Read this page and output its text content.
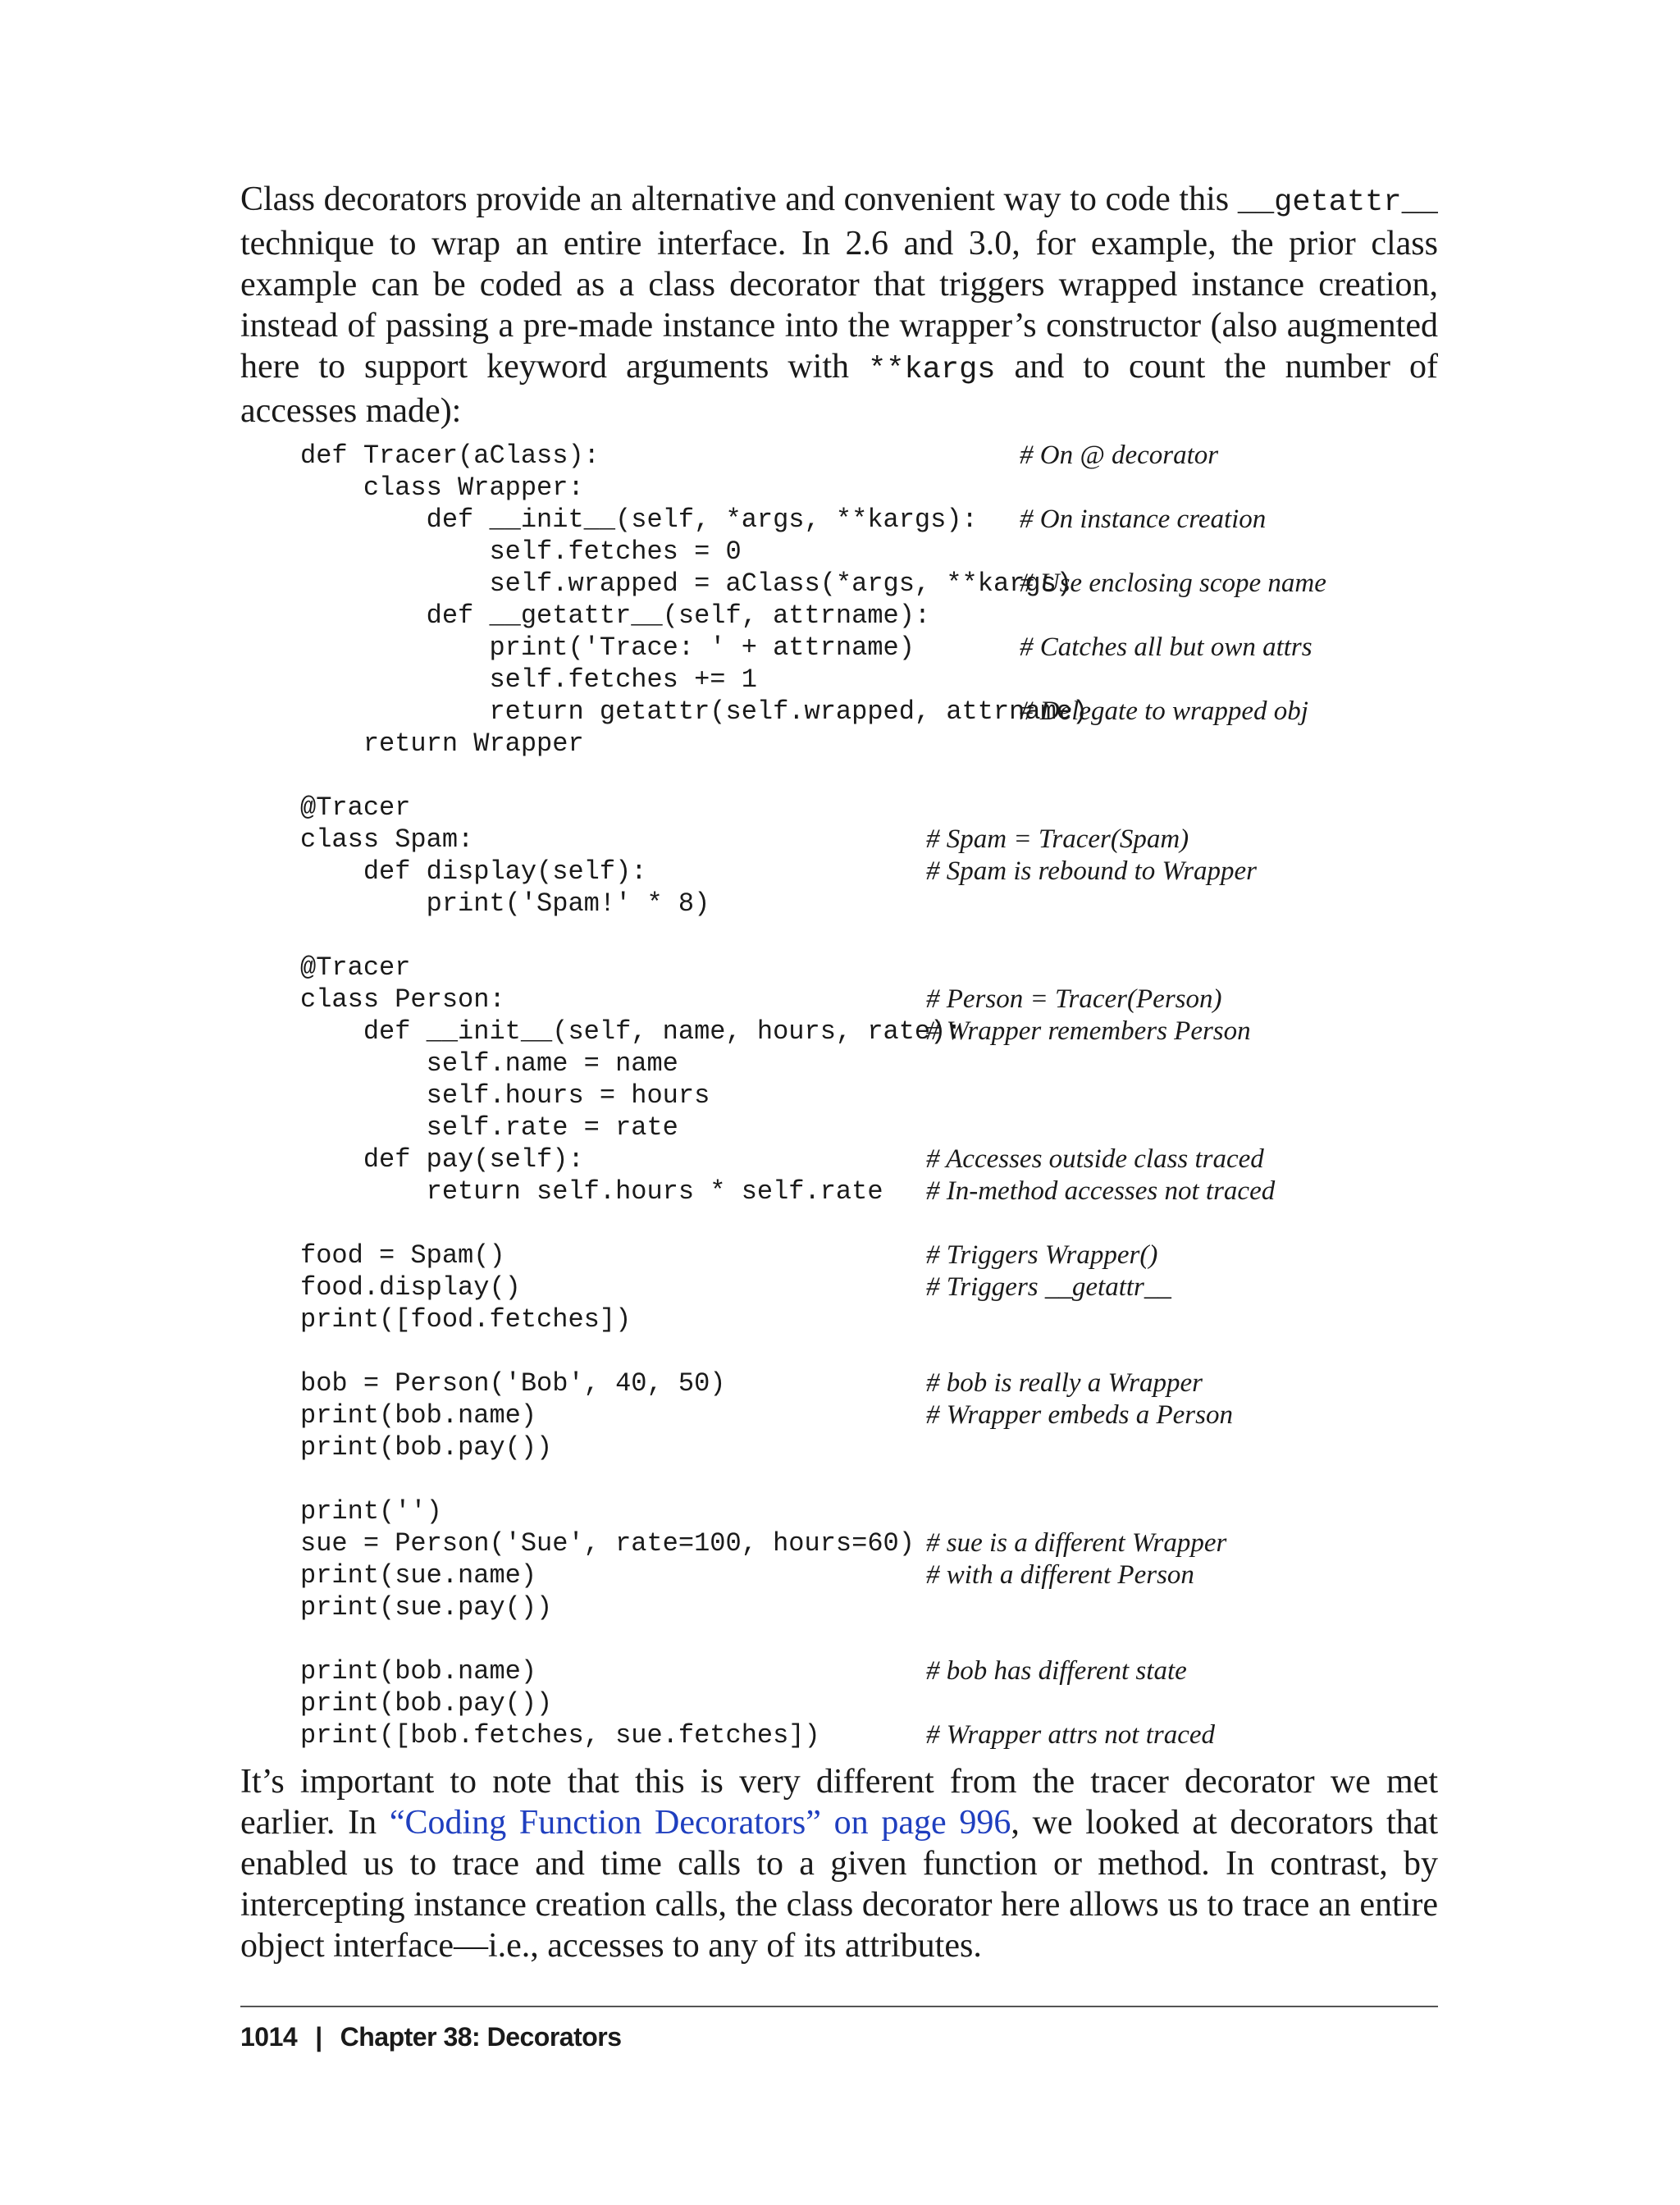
Class decorators provide an alternative and convenient way to code this __getattr__ technique to wrap an entire interface. In 2.6 and 3.0, for example, the prior class example can be coded as a class decorator that triggers wrapped instance creation, instead of passing a pre-made instance into the wrapper’s constructor (also augmented here to support keyword arguments with **kargs and to count the number of accesses made):

def Tracer(aClass):	# On @ decorator
class Wrapper:
def __init__(self, *args, **kargs): # On instance creation
self.fetches = 0
self.wrapped = aClass(*args, **kargs)
# Use enclosing scope name
def __getattr__(self, attrname):
print('Trace: ' + attrname)	# Catches all but own attrs
self.fetches += 1
return getattr(self.wrapped, attrname)
# Delegate to wrapped obj
return Wrapper
@Tracer
class Spam:	# Spam = Tracer(Spam)
def display(self):	# Spam is rebound to Wrapper
print('Spam!' * 8)
@Tracer
class Person:	# Person = Tracer(Person)
def __init__(self, name, hours, rate):
# Wrapper remembers Person
self.name = name
self.hours = hours
self.rate = rate
def pay(self):	# Accesses outside class traced
return self.hours * self.rate # In-method accesses not traced
food = Spam()	# Triggers Wrapper()
food.display()	# Triggers __getattr__
print([food.fetches])
bob = Person('Bob', 40, 50)	# bob is really a Wrapper
print(bob.name)	# Wrapper embeds a Person
print(bob.pay())
print('')
sue = Person('Sue', rate=100, hours=60) # sue is a different Wrapper
print(sue.name)	# with a different Person
print(sue.pay())
print(bob.name)	# bob has different state
print(bob.pay())
print([bob.fetches, sue.fetches])	# Wrapper attrs not traced

It’s important to note that this is very different from the tracer decorator we met earlier. In “Coding Function Decorators” on page 996, we looked at decorators that enabled us to trace and time calls to a given function or method. In contrast, by intercepting instance creation calls, the class decorator here allows us to trace an entire object interface—i.e., accesses to any of its attributes.

1014 | Chapter 38: Decorators
